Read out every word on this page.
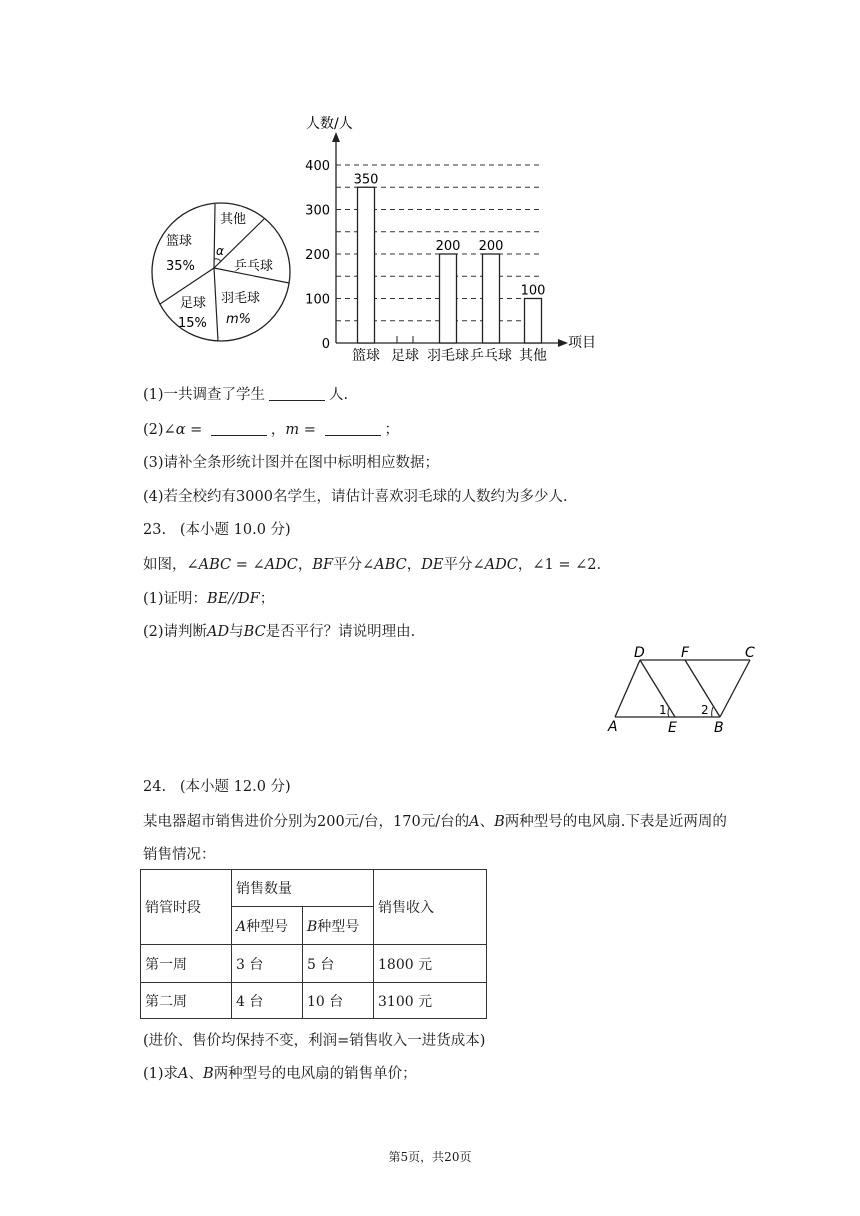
其他
α
乒乓球
篮球
35%
足球
15%
羽毛球
m%
人数/人
项目
0
100
200
300
400
350
200 200
100
篮球 足球 羽毛球 乒乓球 其他
(1)一共调查了学生	人.
(2)∠α =	，m =	；
(3)请补全条形统计图并在图中标明相应数据；
(4)若全校约有3000名学生，请估计喜欢羽毛球的人数约为多少人.
23. (本小题 10.0 分)
如图，∠ABC = ∠ADC，BF平分∠ABC，DE平分∠ADC，∠1 = ∠2.
(1)证明：BE//DF；
(2)请判断AD与BC是否平行？请说明理由.
D	F	C
A	E	B
1	2
24. (本小题 12.0 分)
某电器超市销售进价分别为200元/台，170元/台的A、B两种型号的电风扇.下表是近两周的
销售情况：
销管时段	销售数量		销售收入
	A种型号	B种型号	
第一周	3 台	5 台	1800 元
第二周	4 台	10 台	3100 元
(进价、售价均保持不变，利润=销售收入一进货成本)
(1)求A、B两种型号的电风扇的销售单价；
第5页，共20页
